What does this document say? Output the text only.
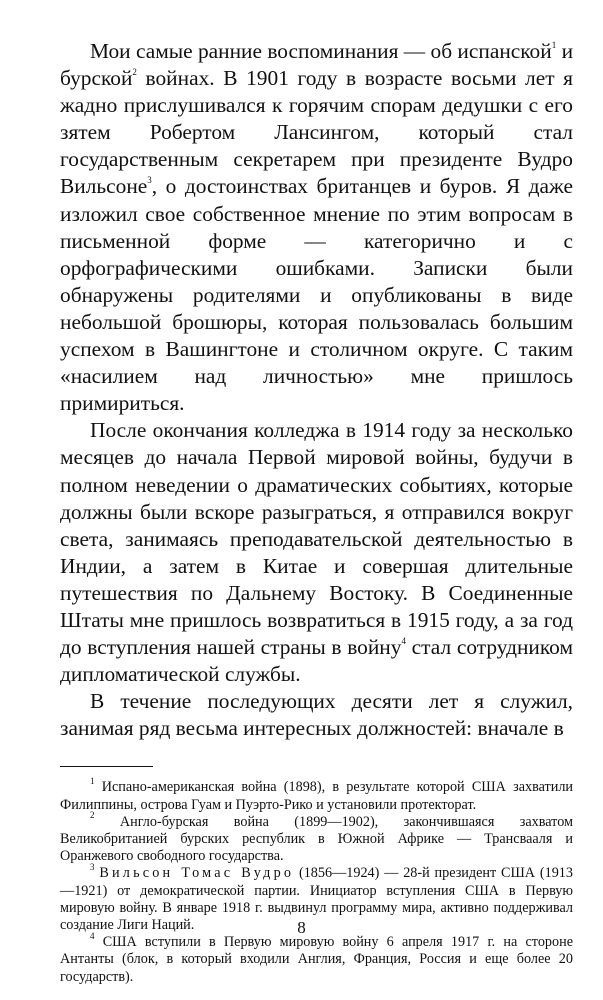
Мои самые ранние воспоминания — об испанской$^1$ и бурской$^2$ войнах. В 1901 году в возрасте восьми лет я жадно прислушивался к горячим спорам дедушки с его зятем Робертом Лансингом, который стал государственным секретарем при президенте Вудро Вильсоне$^3$, о достоинствах британцев и буров. Я даже изложил свое собственное мнение по этим вопросам в письменной форме — категорично и с орфографическими ошибками. Записки были обнаружены родителями и опубликованы в виде небольшой брошюры, которая пользовалась большим успехом в Вашингтоне и столичном округе. С таким «насилием над личностью» мне пришлось примириться.

После окончания колледжа в 1914 году за несколько месяцев до начала Первой мировой войны, будучи в полном неведении о драматических событиях, которые должны были вскоре разыграться, я отправился вокруг света, занимаясь преподавательской деятельностью в Индии, а затем в Китае и совершая длительные путешествия по Дальнему Востоку. В Соединенные Штаты мне пришлось возвратиться в 1915 году, а за год до вступления нашей страны в войну$^4$ стал сотрудником дипломатической службы.

В течение последующих десяти лет я служил, занимая ряд весьма интересных должностей: вначале в

$^1$ Испано-американская война (1898), в результате которой США захватили Филиппины, острова Гуам и Пуэрто-Рико и установили протекторат.

$^2$ Англо-бурская война (1899—1902), закончившаяся захватом Великобританией бурских республик в Южной Африке — Трансвааля и Оранжевого свободного государства.

$^3$ Вильсон Томас Вудро (1856—1924) — 28-й президент США (1913—1921) от демократической партии. Инициатор вступления США в Первую мировую войну. В январе 1918 г. выдвинул программу мира, активно поддерживал создание Лиги Наций.

$^4$ США вступили в Первую мировую войну 6 апреля 1917 г. на стороне Антанты (блок, в который входили Англия, Франция, Россия и еще более 20 государств).

8
